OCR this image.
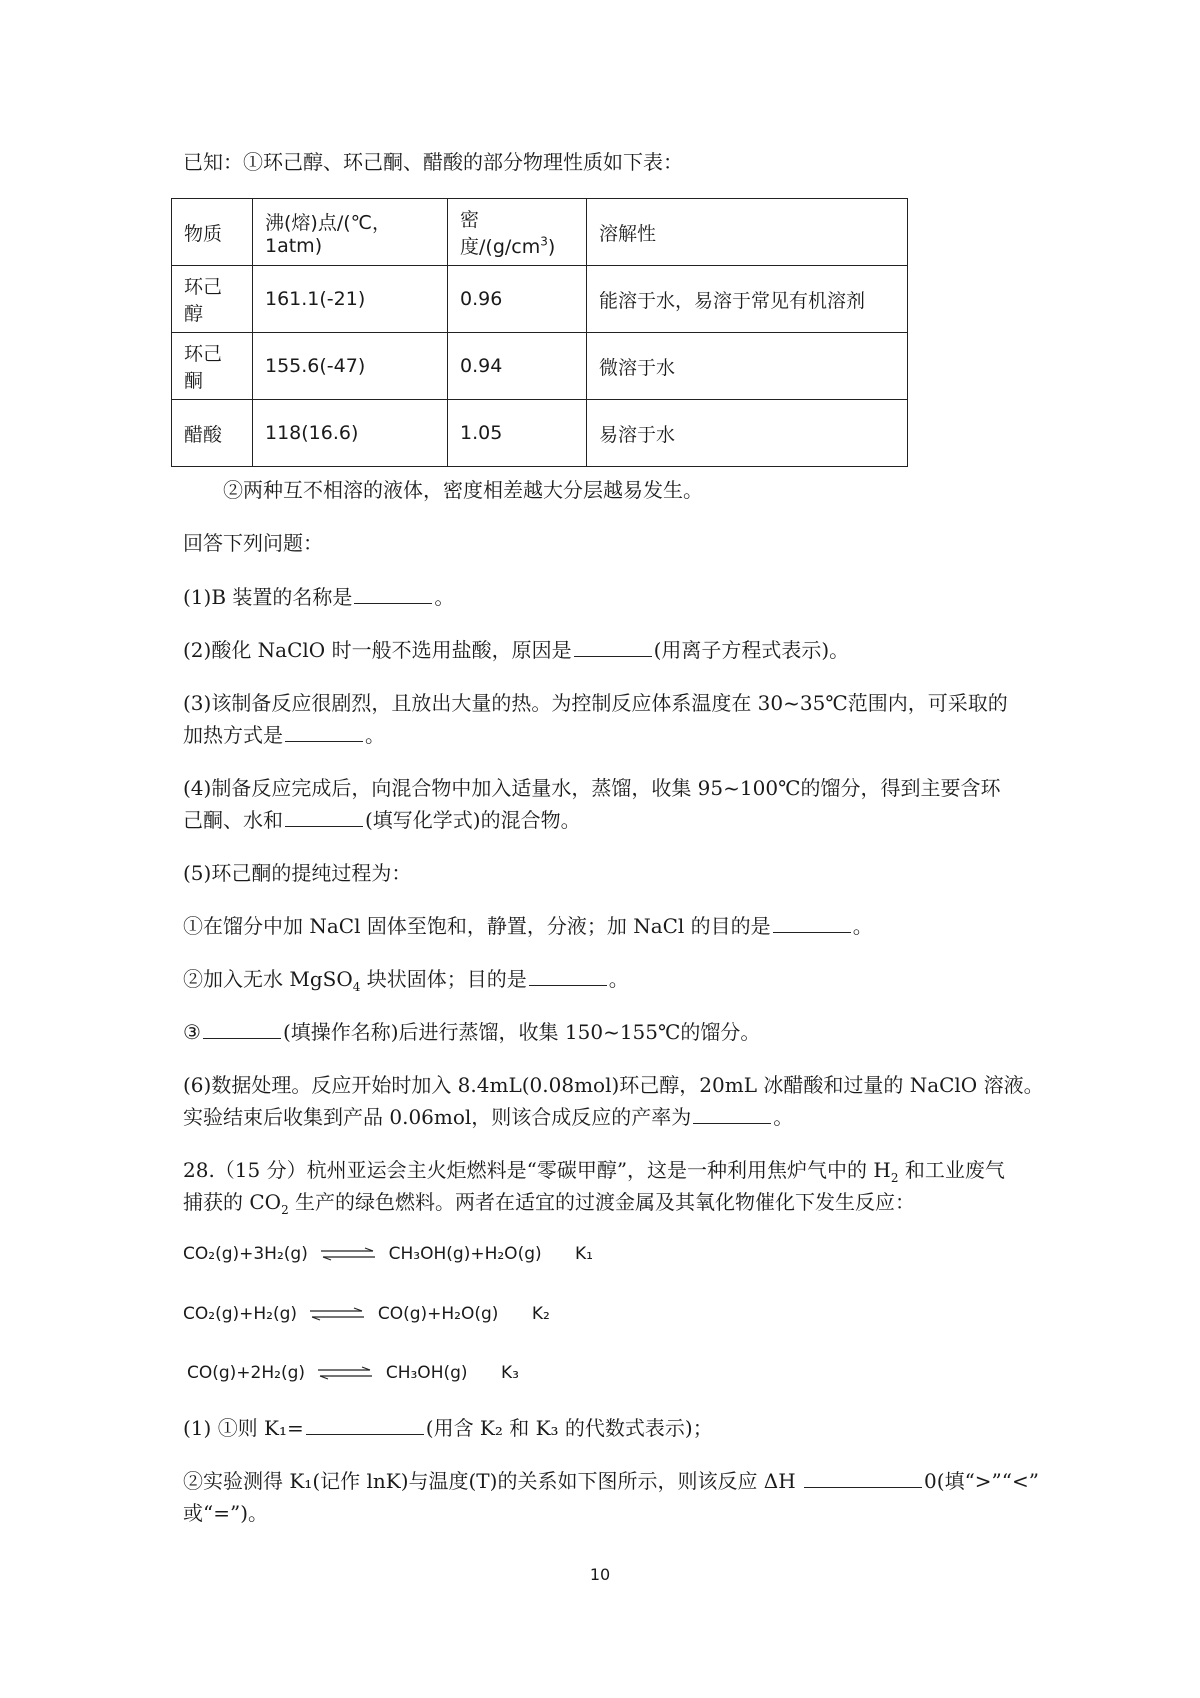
已知：①环己醇、环己酮、醋酸的部分物理性质如下表：
物质	沸(熔)点/(℃，1atm)	密度$/(g/cm^3)$	溶解性
环己醇	161.1(-21)	0.96	能溶于水，易溶于常见有机溶剂
环己酮	155.6(-47)	0.94	微溶于水
醋酸	118(16.6)	1.05	易溶于水
②两种互不相溶的液体，密度相差越大分层越易发生。
回答下列问题：
(1)B 装置的名称是	。
(2)酸化 NaClO 时一般不选用盐酸，原因是	(用离子方程式表示)。
(3)该制备反应很剧烈，且放出大量的热。为控制反应体系温度在 30~35℃范围内，可采取的
加热方式是	。
(4)制备反应完成后，向混合物中加入适量水，蒸馏，收集 95~100℃的馏分，得到主要含环
己酮、水和	(填写化学式)的混合物。
(5)环己酮的提纯过程为：
①在馏分中加 NaCl 固体至饱和，静置，分液；加 NaCl 的目的是	。
②加入无水 MgSO$_4$ 块状固体；目的是	。
③	(填操作名称)后进行蒸馏，收集 150~155℃的馏分。
(6)数据处理。反应开始时加入 8.4mL(0.08mol)环己醇，20mL 冰醋酸和过量的 NaClO 溶液。
实验结束后收集到产品 0.06mol，则该合成反应的产率为	。
28.（15 分）杭州亚运会主火炬燃料是“零碳甲醇”，这是一种利用焦炉气中的 $H_2$ 和工业废气
捕获的 $CO_2$ 生产的绿色燃料。两者在适宜的过渡金属及其氧化物催化下发生反应：
CO₂(g)+3H₂(g) ⇌ CH₃OH(g)+H₂O(g) K₁
CO₂(g)+H₂(g) ⇌ CO(g)+H₂O(g) K₂
CO(g)+2H₂(g) ⇌ CH₃OH(g) K₃
(1) ①则 K₁=	(用含 K₂ 和 K₃ 的代数式表示)；
②实验测得 K₁(记作 lnK)与温度(T)的关系如下图所示，则该反应 ΔH	0(填“>”“<”
或“=”)。
10
